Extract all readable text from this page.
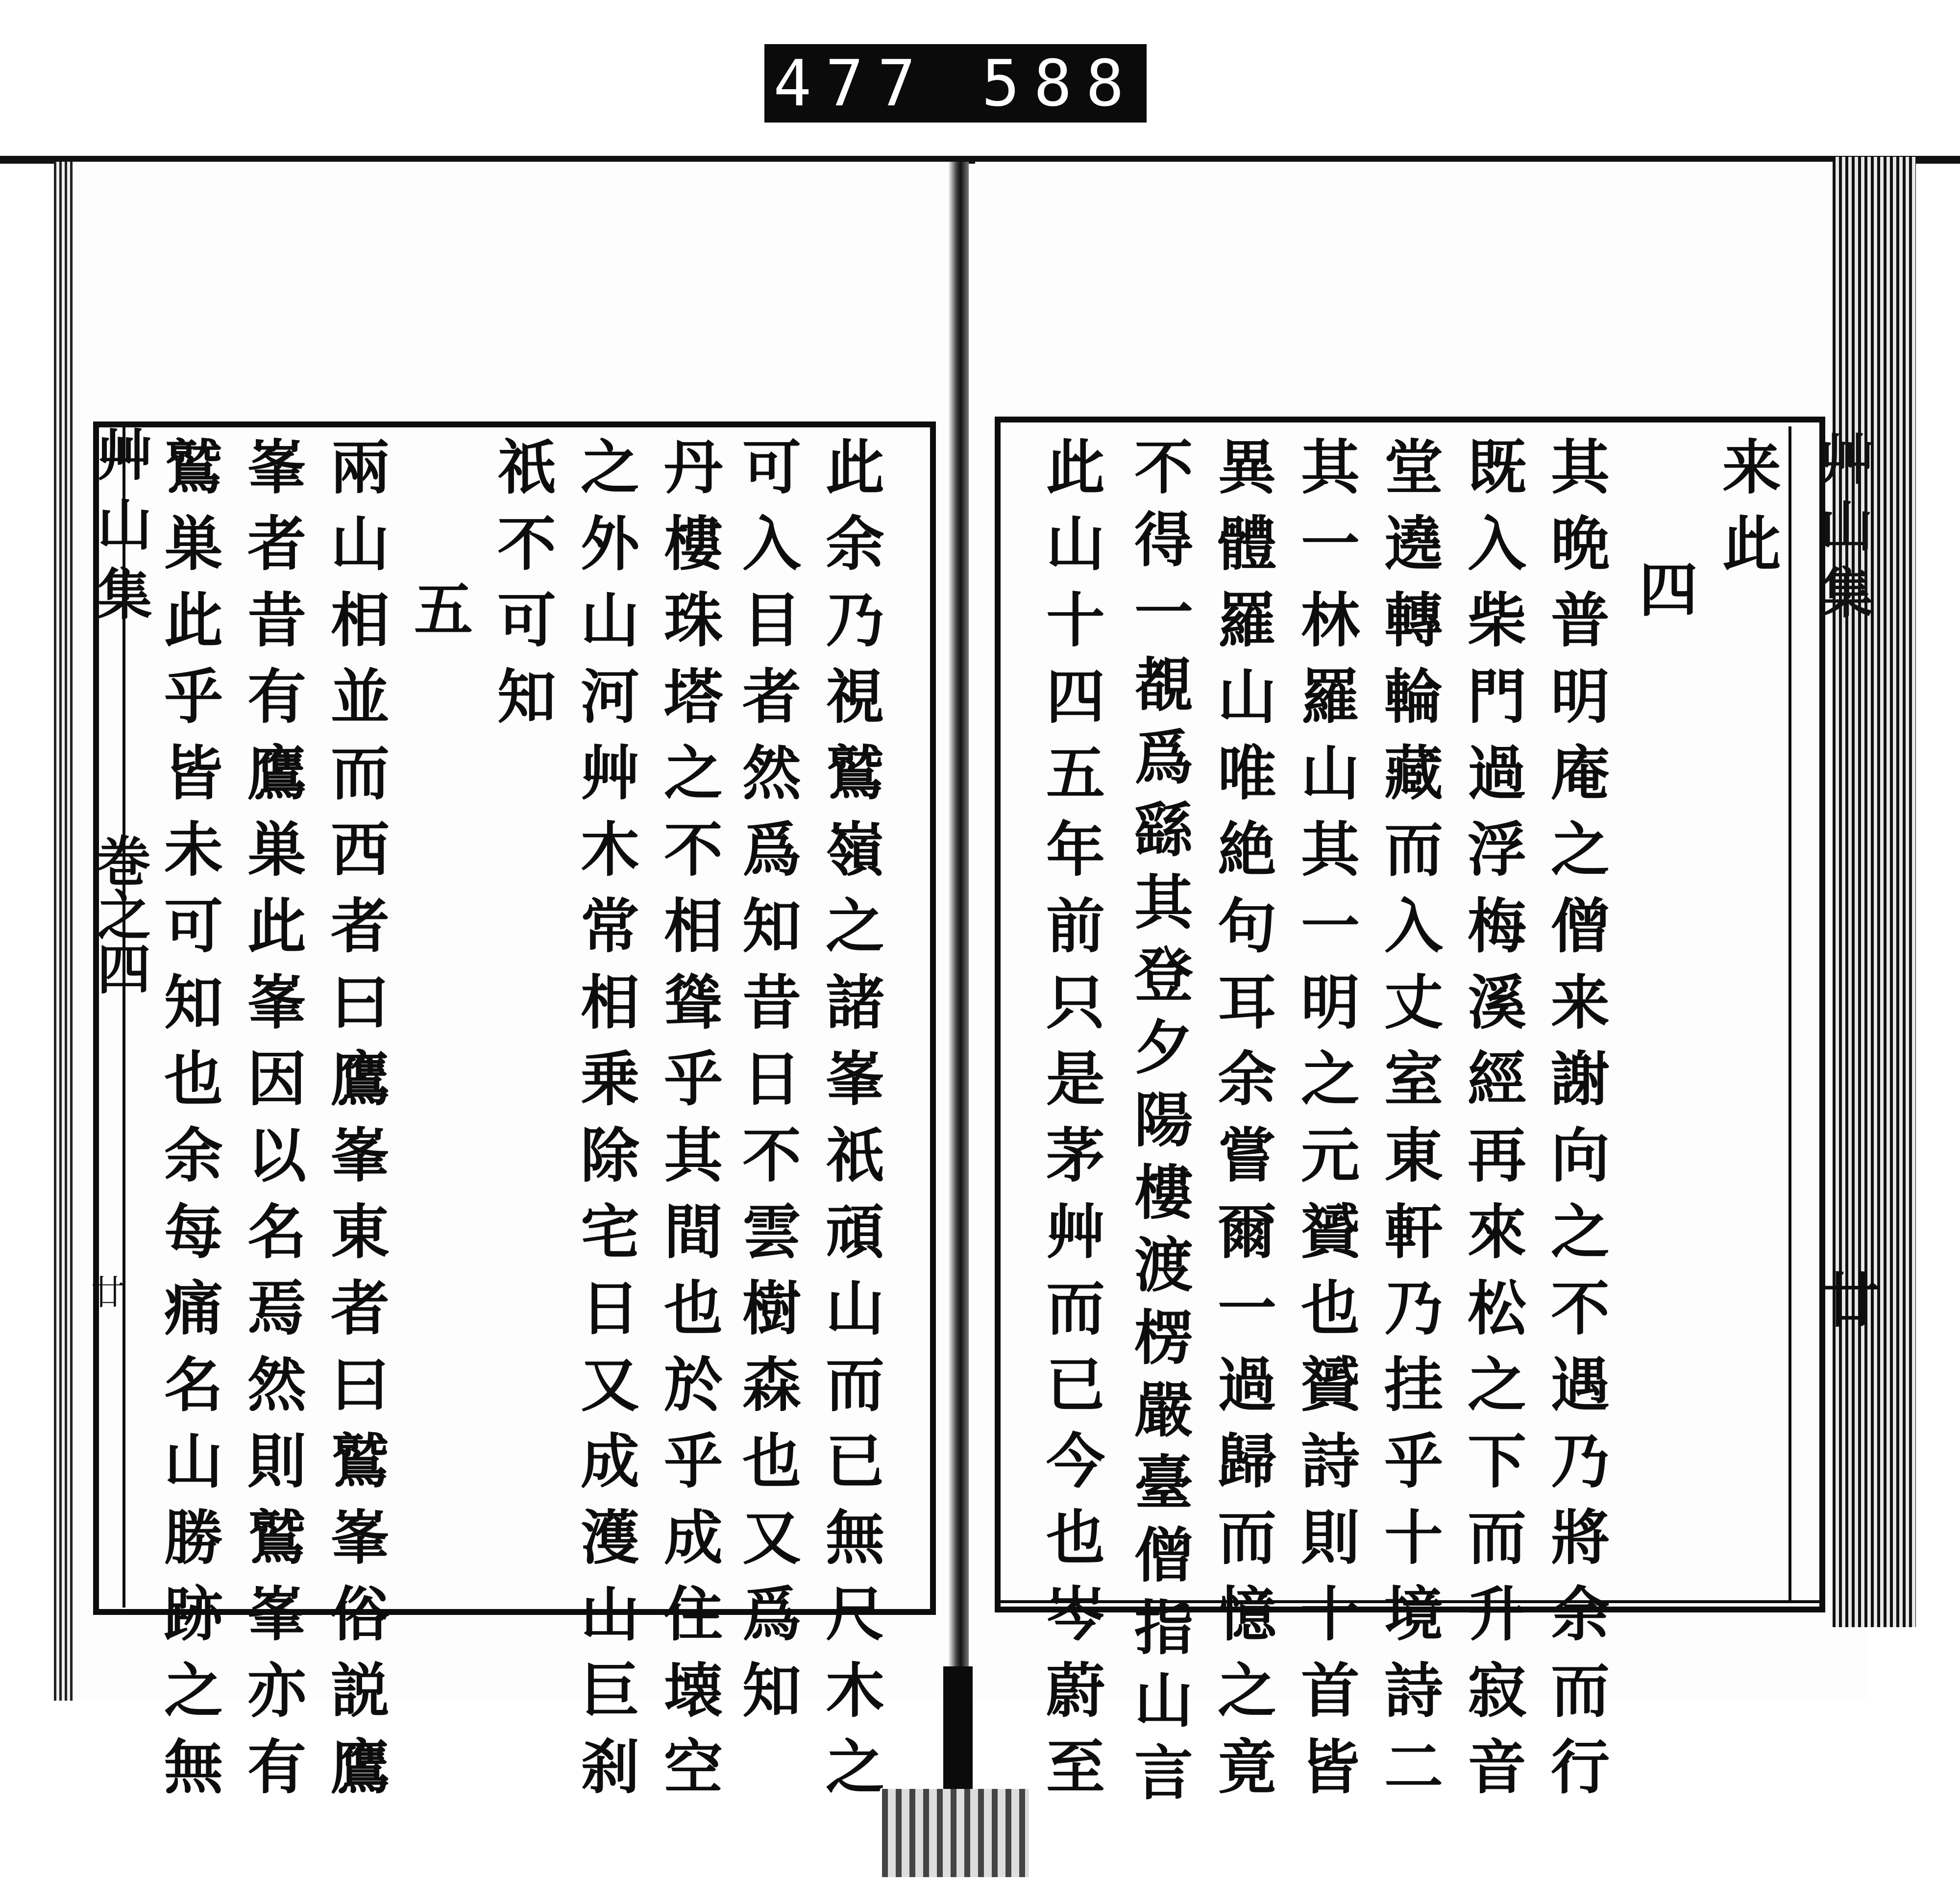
477 588
艸山集
巻之四
廿	此余乃視鷲嶺之諸峯祇頑山而已無尺木之
可入目者然爲知昔日不雲樹森也又爲知
丹樓珠塔之不相聳乎其間也於乎成住壊空
之外山河艸木常相乗除宅日又成濩山巨刹
祇不可知
五
兩山相並而西者曰鷹峯東者曰鷲峯俗説鷹
峯者昔有鷹巣此峯因以名焉然則鷲峯亦有
鷲巣此乎皆未可知也余每痛名山勝跡之無	来此
四
其晩普明庵之僧来謝向之不遇乃將余而行
既入柴門過浮梅溪經再來松之下而升寂音
堂遶轉輪藏而入丈室東軒乃挂乎十境詩二
其一林羅山其一明之元贇也贇詩則十首皆
異體羅山唯絶句耳余嘗爾一過歸而憶之竟
不得一覩爲繇其登夕陽樓渡楞嚴臺僧指山言
此山十四五年前只是茅艸而已今也岑蔚至	艸山集
廿
